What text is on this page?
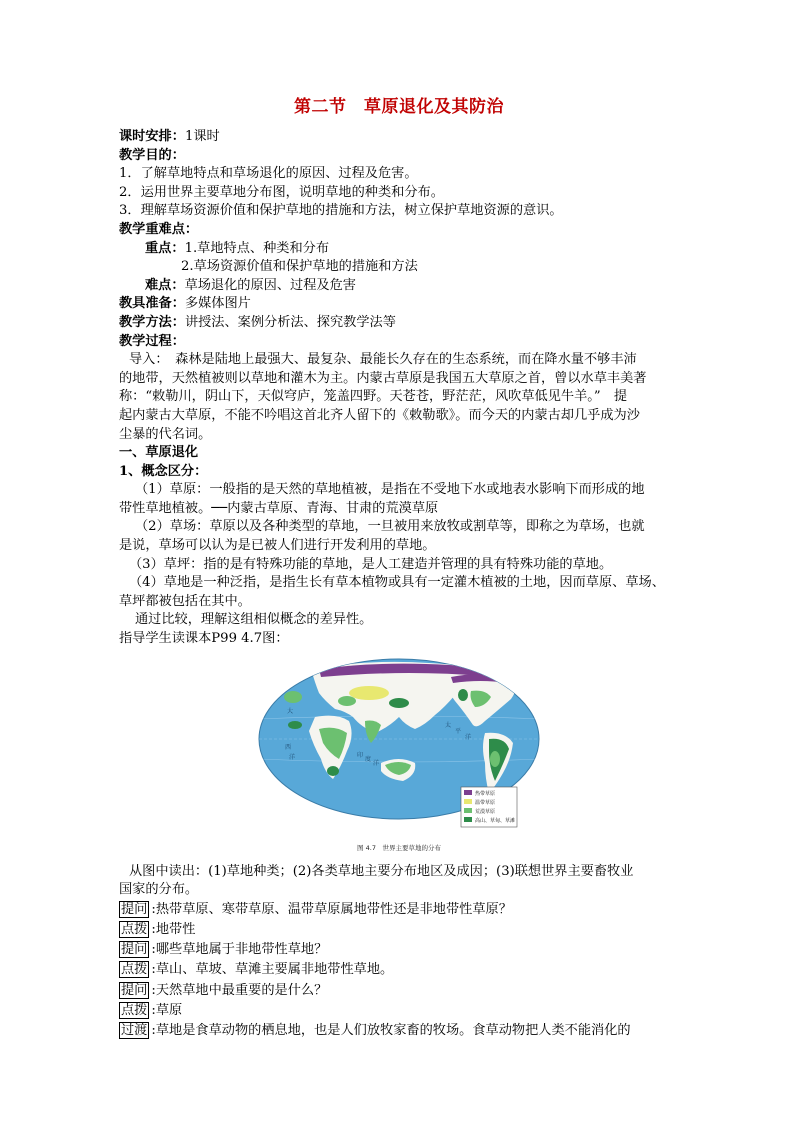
第二节　草原退化及其防治
课时安排：1课时
教学目的：
1．了解草地特点和草场退化的原因、过程及危害。
2．运用世界主要草地分布图，说明草地的种类和分布。
3．理解草场资源价值和保护草地的措施和方法，树立保护草地资源的意识。
教学重难点：
重点：1.草地特点、种类和分布
2.草场资源价值和保护草地的措施和方法
难点：草场退化的原因、过程及危害
教具准备：多媒体图片
教学方法：讲授法、案例分析法、探究教学法等
教学过程：
导入：　森林是陆地上最强大、最复杂、最能长久存在的生态系统，而在降水量不够丰沛
的地带，天然植被则以草地和灌木为主。内蒙古草原是我国五大草原之首，曾以水草丰美著
称：“敕勒川，阴山下，天似穹庐，笼盖四野。天苍苍，野茫茫，风吹草低见牛羊。”　提
起内蒙古大草原，不能不吟唱这首北齐人留下的《敕勒歌》。而今天的内蒙古却几乎成为沙
尘暴的代名词。
一、草原退化
1、概念区分：
（1）草原：一般指的是天然的草地植被，是指在不受地下水或地表水影响下而形成的地
带性草地植被。──内蒙古草原、青海、甘肃的荒漠草原
（2）草场：草原以及各种类型的草地，一旦被用来放牧或割草等，即称之为草场，也就
是说，草场可以认为是已被人们进行开发利用的草地。
（3）草坪：指的是有特殊功能的草地，是人工建造并管理的具有特殊功能的草地。
（4）草地是一种泛指，是指生长有草本植物或具有一定灌木植被的土地，因而草原、草场、
草坪都被包括在其中。
通过比较，理解这组相似概念的差异性。
指导学生读课本P99 4.7图：
太
平
洋
大
西
洋	印
度
洋
热带草原
温带草原
荒漠草原
高山、草甸、草滩
图 4.7　世界主要草地的分布
从图中读出：(1)草地种类；(2)各类草地主要分布地区及成因；(3)联想世界主要畜牧业
国家的分布。
提问 :热带草原、寒带草原、温带草原属地带性还是非地带性草原？
点拨 :地带性
提问 :哪些草地属于非地带性草地？
点拨 :草山、草坡、草滩主要属非地带性草地。
提问 :天然草地中最重要的是什么？
点拨 :草原
过渡 :草地是食草动物的栖息地，也是人们放牧家畜的牧场。食草动物把人类不能消化的
